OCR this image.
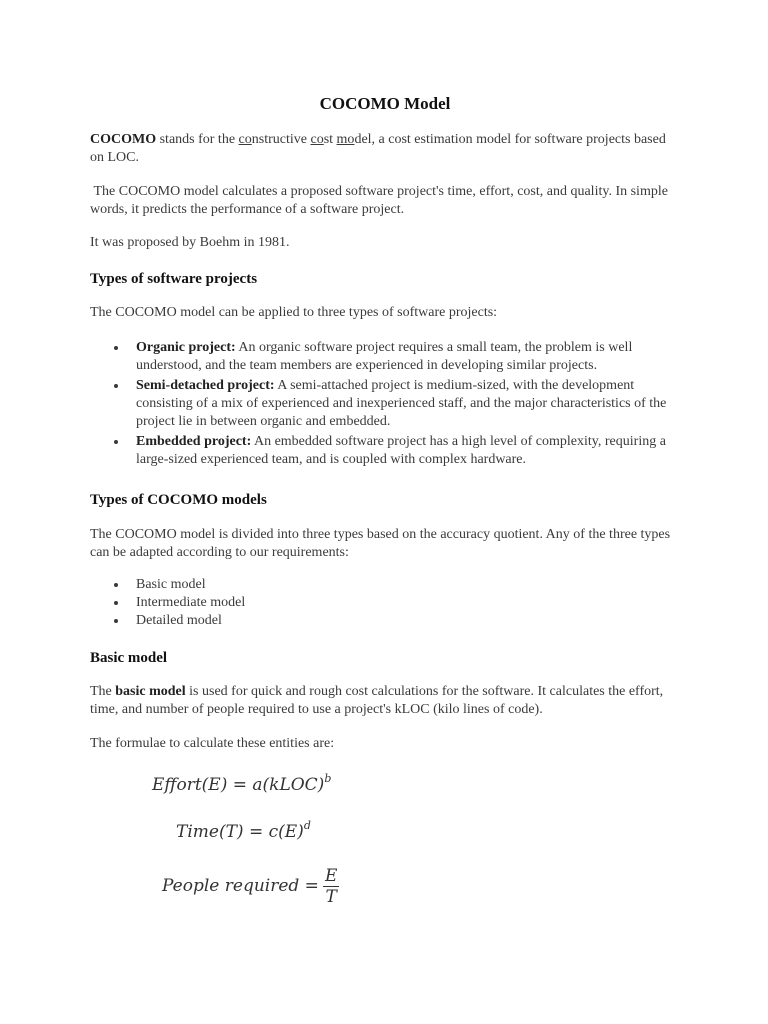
COCOMO Model

COCOMO stands for the constructive cost model, a cost estimation model for software projects based on LOC.

The COCOMO model calculates a proposed software project's time, effort, cost, and quality. In simple words, it predicts the performance of a software project.

It was proposed by Boehm in 1981.

Types of software projects

The COCOMO model can be applied to three types of software projects:

Organic project: An organic software project requires a small team, the problem is well understood, and the team members are experienced in developing similar projects.
Semi-detached project: A semi-attached project is medium-sized, with the development consisting of a mix of experienced and inexperienced staff, and the major characteristics of the project lie in between organic and embedded.
Embedded project: An embedded software project has a high level of complexity, requiring a large-sized experienced team, and is coupled with complex hardware.
Types of COCOMO models

The COCOMO model is divided into three types based on the accuracy quotient. Any of the three types can be adapted according to our requirements:

Basic model
Intermediate model
Detailed model
Basic model

The basic model is used for quick and rough cost calculations for the software. It calculates the effort, time, and number of people required to use a project's kLOC (kilo lines of code).

The formulae to calculate these entities are:

Effort(E) = a(kLOC)$^b$
Time(T) = $c(E)^d$
People required = $\frac{E}{T}$
